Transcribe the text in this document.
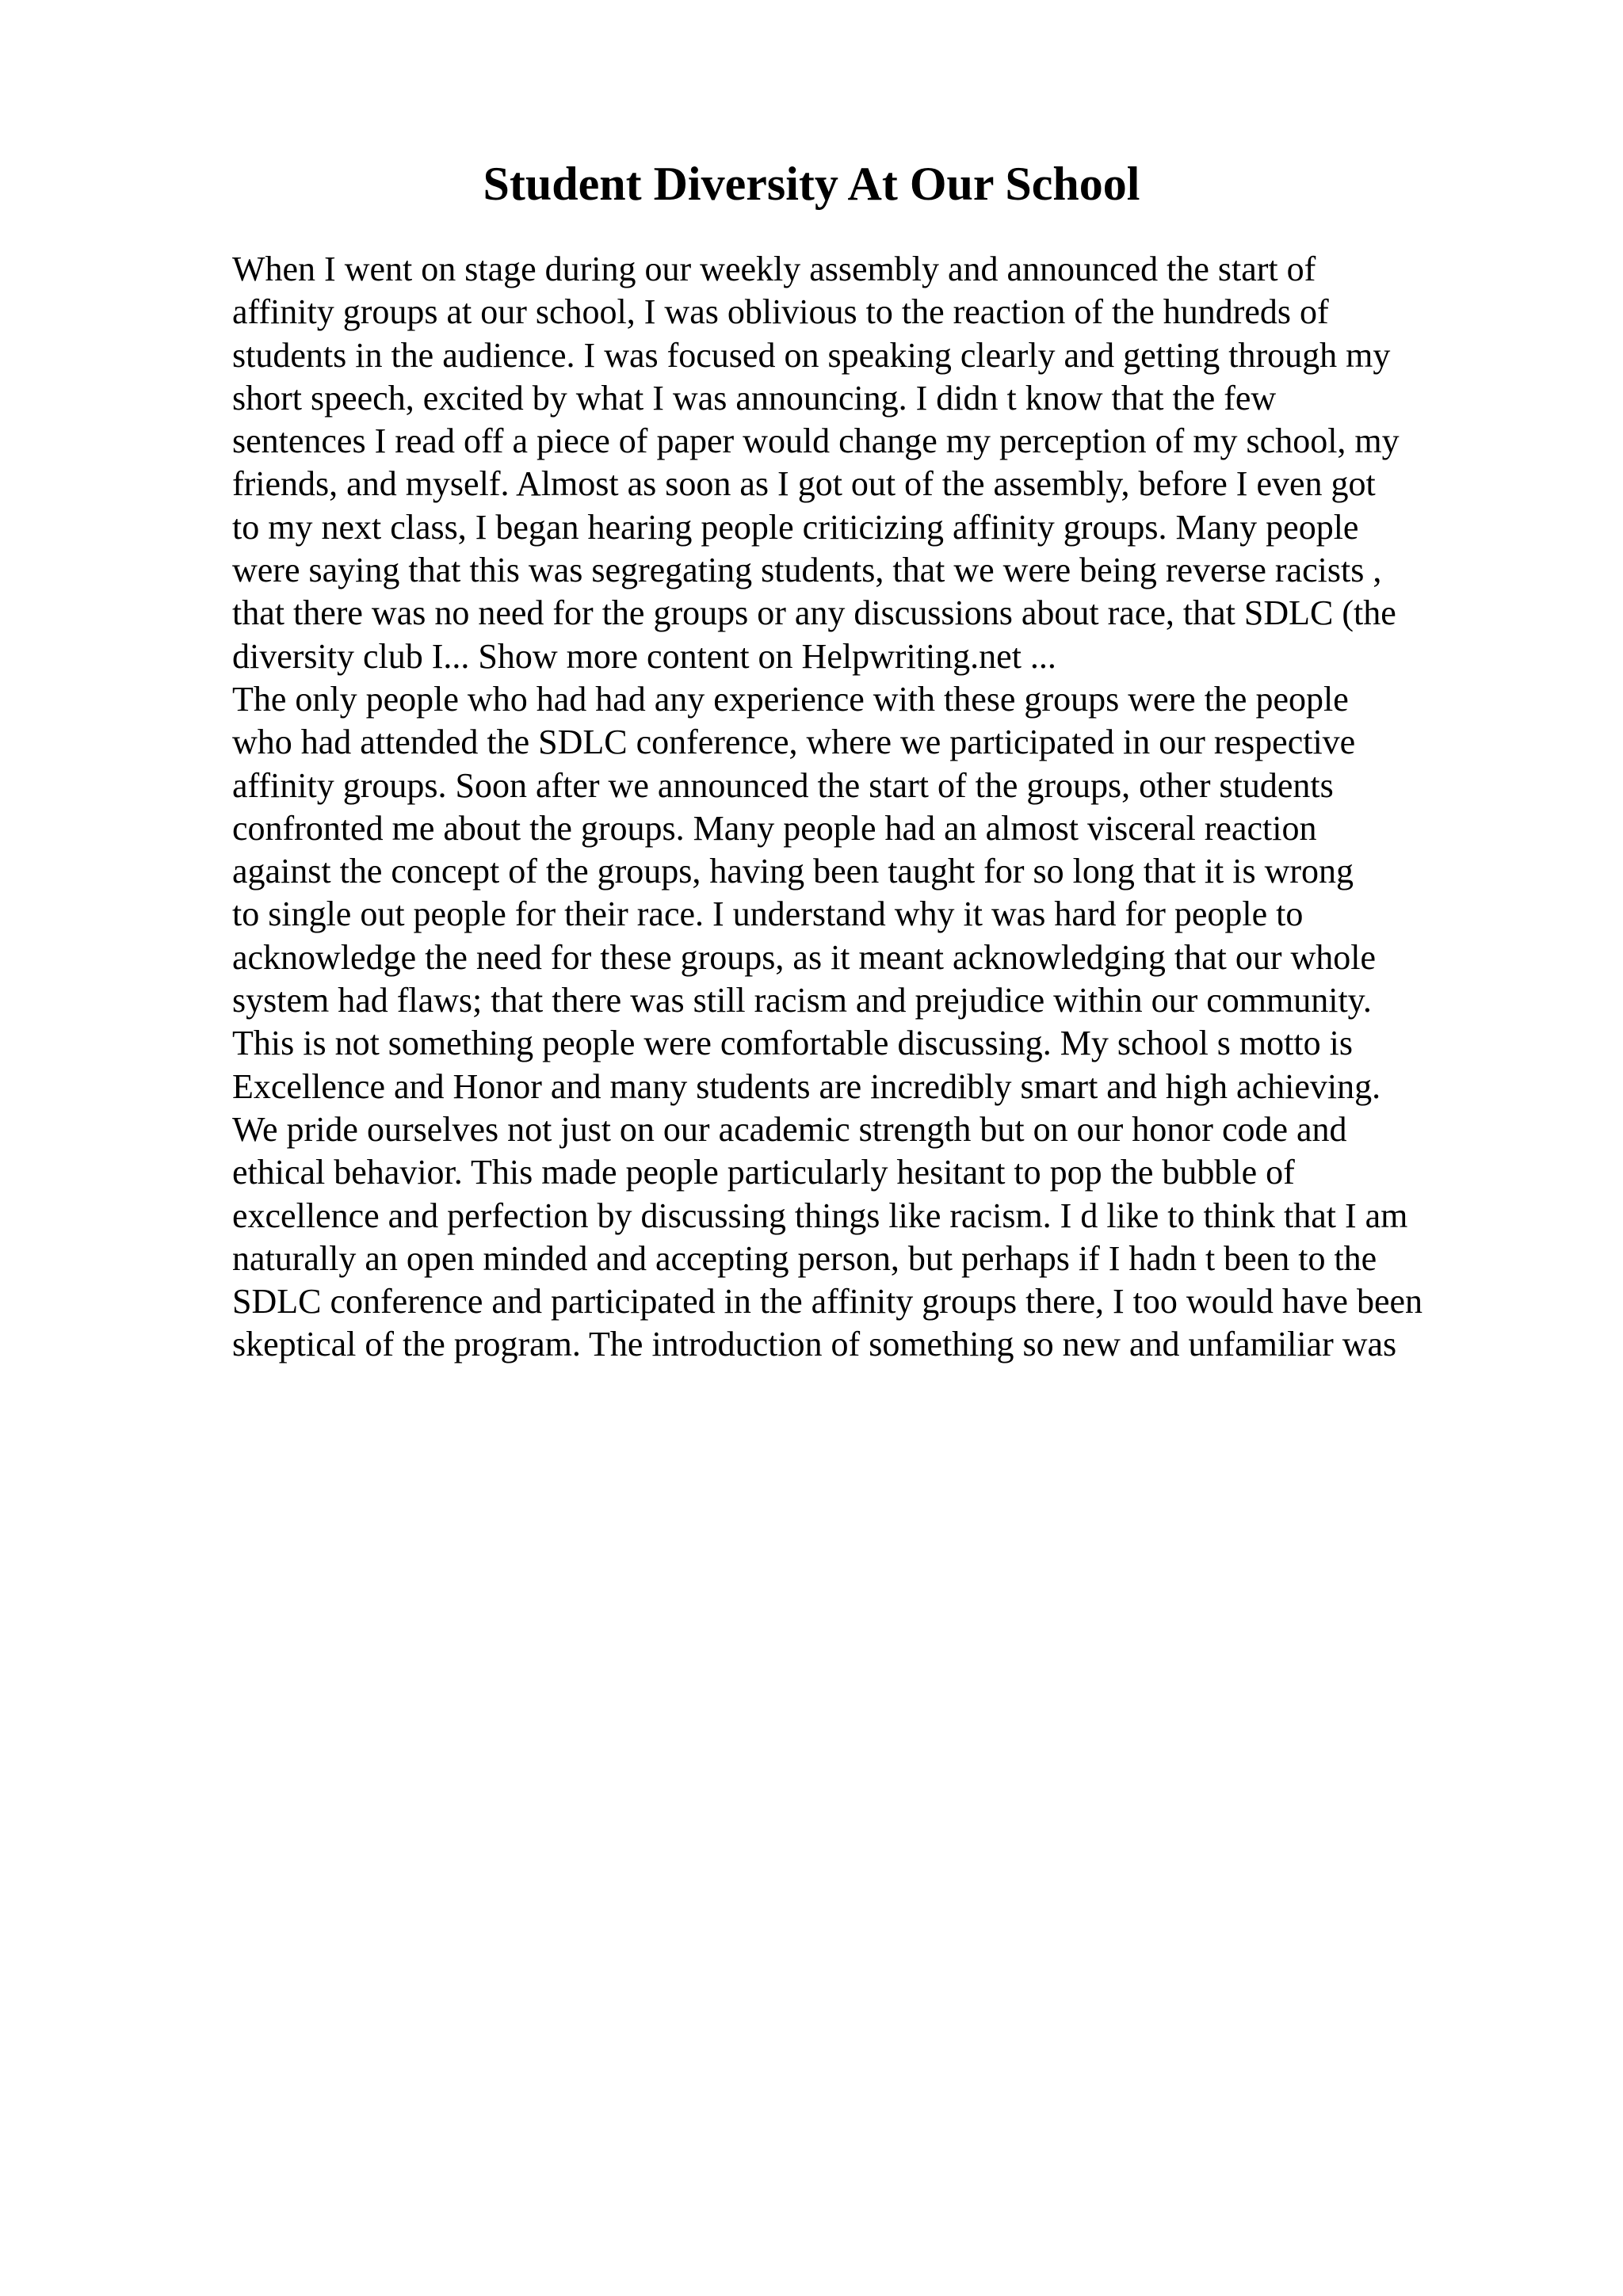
Student Diversity At Our School
When I went on stage during our weekly assembly and announced the start of
affinity groups at our school, I was oblivious to the reaction of the hundreds of
students in the audience. I was focused on speaking clearly and getting through my
short speech, excited by what I was announcing. I didn t know that the few
sentences I read off a piece of paper would change my perception of my school, my
friends, and myself. Almost as soon as I got out of the assembly, before I even got
to my next class, I began hearing people criticizing affinity groups. Many people
were saying that this was segregating students, that we were being reverse racists ,
that there was no need for the groups or any discussions about race, that SDLC (the
diversity club I... Show more content on Helpwriting.net ...
The only people who had had any experience with these groups were the people
who had attended the SDLC conference, where we participated in our respective
affinity groups. Soon after we announced the start of the groups, other students
confronted me about the groups. Many people had an almost visceral reaction
against the concept of the groups, having been taught for so long that it is wrong
to single out people for their race. I understand why it was hard for people to
acknowledge the need for these groups, as it meant acknowledging that our whole
system had flaws; that there was still racism and prejudice within our community.
This is not something people were comfortable discussing. My school s motto is
Excellence and Honor and many students are incredibly smart and high achieving.
We pride ourselves not just on our academic strength but on our honor code and
ethical behavior. This made people particularly hesitant to pop the bubble of
excellence and perfection by discussing things like racism. I d like to think that I am
naturally an open minded and accepting person, but perhaps if I hadn t been to the
SDLC conference and participated in the affinity groups there, I too would have been
skeptical of the program. The introduction of something so new and unfamiliar was
